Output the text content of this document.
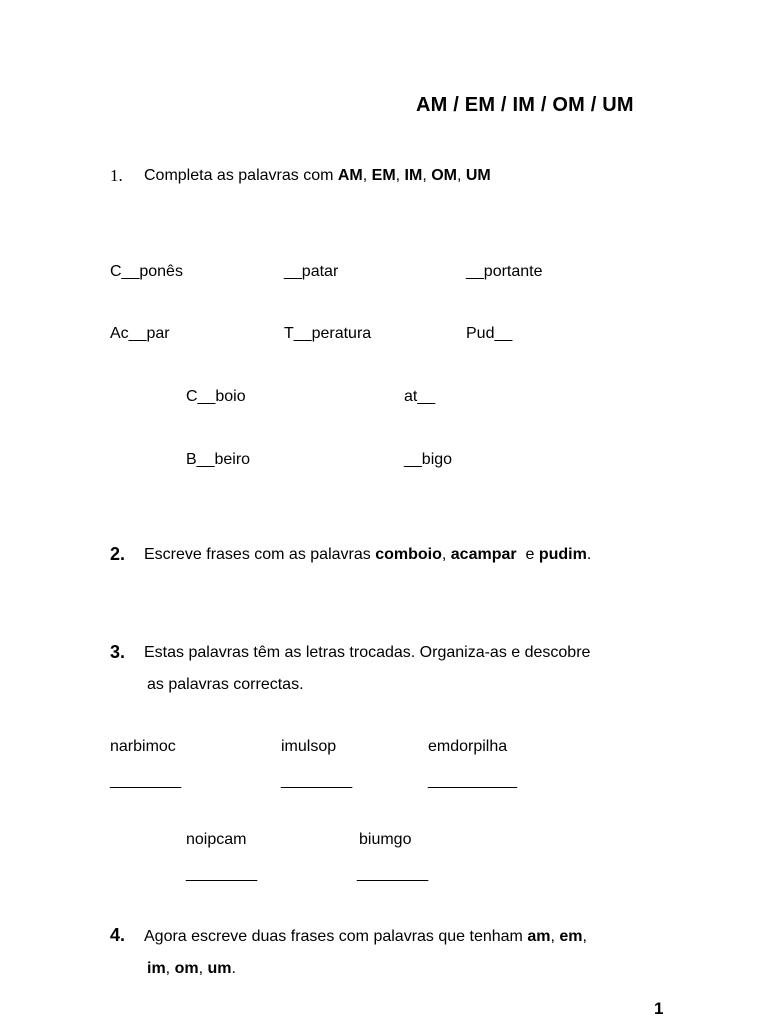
AM / EM / IM / OM / UM
1. Completa as palavras com AM, EM, IM, OM, UM
C__ponês	__patar	__portante
Ac__par	T__peratura	Pud__
C__boio	at__
B__beiro	__bigo
2. Escreve frases com as palavras comboio, acampar  e pudim.
3. Estas palavras têm as letras trocadas. Organiza-as e descobre
as palavras correctas.
narbimoc	imulsop	emdorpilha
________	________	__________
noipcam	biumgo
________	________
4. Agora escreve duas frases com palavras que tenham am, em,
im, om, um.
1
